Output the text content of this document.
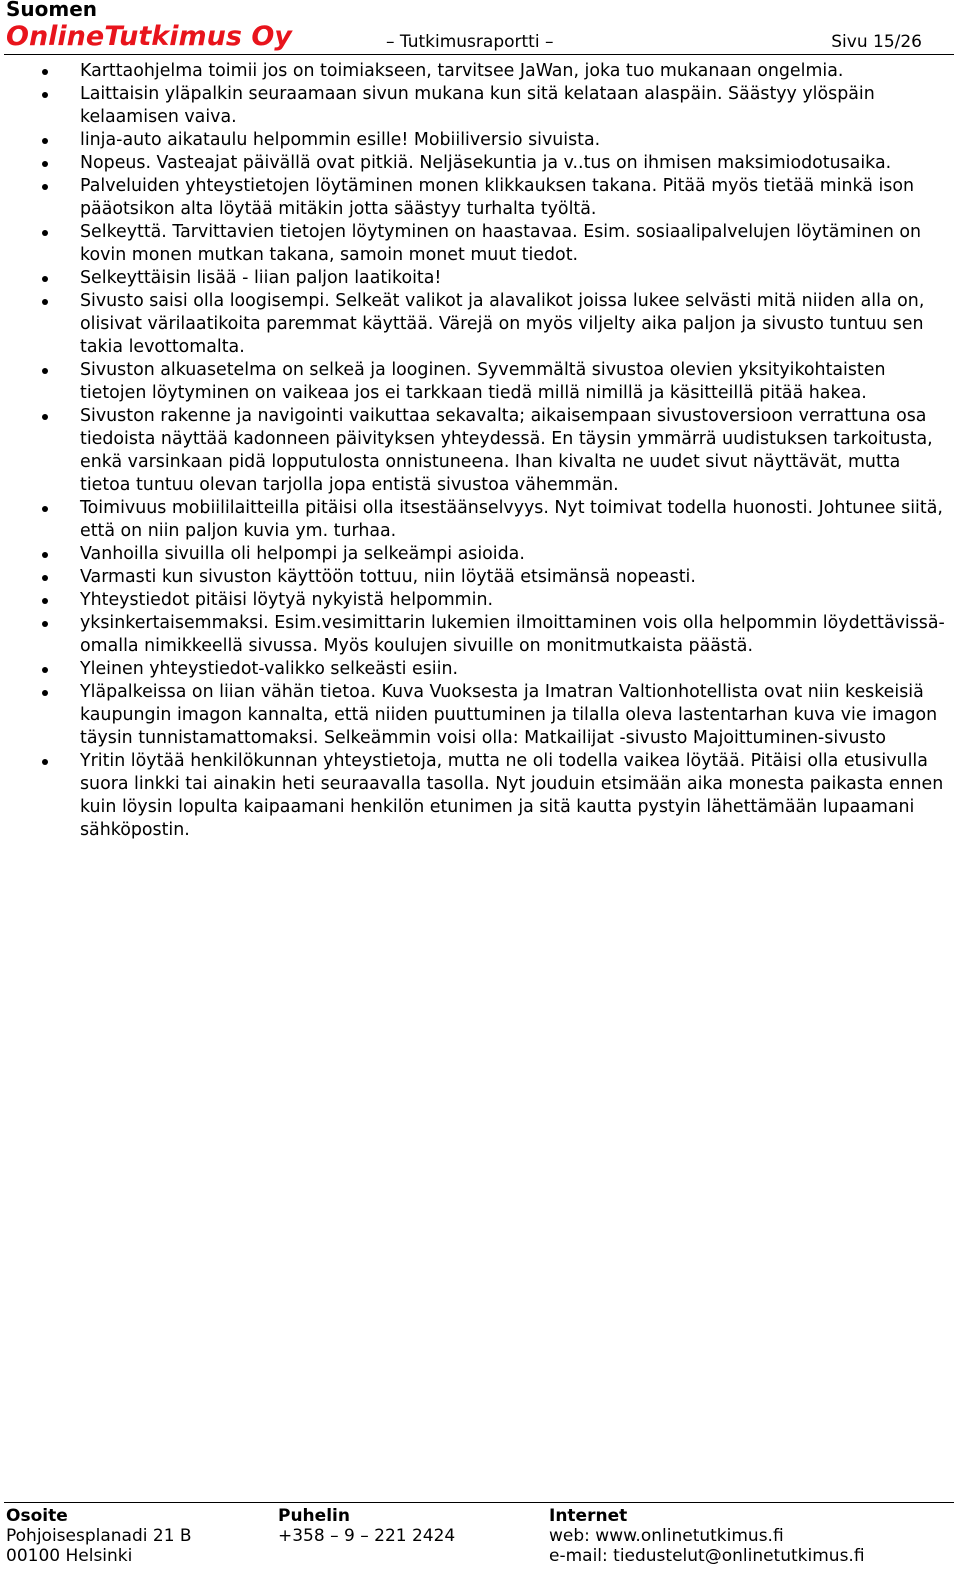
Suomen
OnlineTutkimus Oy	– Tutkimusraportti –	Sivu 15/26
Karttaohjelma toimii jos on toimiakseen, tarvitsee JaWan, joka tuo mukanaan ongelmia.
Laittaisin yläpalkin seuraamaan sivun mukana kun sitä kelataan alaspäin. Säästyy ylöspäin kelaamisen vaiva.
linja-auto aikataulu helpommin esille! Mobiiliversio sivuista.
Nopeus. Vasteajat päivällä ovat pitkiä. Neljäsekuntia ja v..tus on ihmisen maksimiodotusaika.
Palveluiden yhteystietojen löytäminen monen klikkauksen takana. Pitää myös tietää minkä ison pääotsikon alta löytää mitäkin jotta säästyy turhalta työltä.
Selkeyttä. Tarvittavien tietojen löytyminen on haastavaa. Esim. sosiaalipalvelujen löytäminen on kovin monen mutkan takana, samoin monet muut tiedot.
Selkeyttäisin lisää - liian paljon laatikoita!
Sivusto saisi olla loogisempi. Selkeät valikot ja alavalikot joissa lukee selvästi mitä niiden alla on, olisivat värilaatikoita paremmat käyttää. Värejä on myös viljelty aika paljon ja sivusto tuntuu sen takia levottomalta.
Sivuston alkuasetelma on selkeä ja looginen. Syvemmältä sivustoa olevien yksityikohtaisten tietojen löytyminen on vaikeaa jos ei tarkkaan tiedä millä nimillä ja käsitteillä pitää hakea.
Sivuston rakenne ja navigointi vaikuttaa sekavalta; aikaisempaan sivustoversioon verrattuna osa tiedoista näyttää kadonneen päivityksen yhteydessä. En täysin ymmärrä uudistuksen tarkoitusta, enkä varsinkaan pidä lopputulosta onnistuneena. Ihan kivalta ne uudet sivut näyttävät, mutta tietoa tuntuu olevan tarjolla jopa entistä sivustoa vähemmän.
Toimivuus mobiililaitteilla pitäisi olla itsestäänselvyys. Nyt toimivat todella huonosti. Johtunee siitä, että on niin paljon kuvia ym. turhaa.
Vanhoilla sivuilla oli helpompi ja selkeämpi asioida.
Varmasti kun sivuston käyttöön tottuu, niin löytää etsimänsä nopeasti.
Yhteystiedot pitäisi löytyä nykyistä helpommin.
yksinkertaisemmaksi. Esim.vesimittarin lukemien ilmoittaminen vois olla helpommin löydettävissä-omalla nimikkeellä sivussa. Myös koulujen sivuille on monitmutkaista päästä.
Yleinen yhteystiedot-valikko selkeästi esiin.
Yläpalkeissa on liian vähän tietoa. Kuva Vuoksesta ja Imatran Valtionhotellista ovat niin keskeisiä kaupungin imagon kannalta, että niiden puuttuminen ja tilalla oleva lastentarhan kuva vie imagon täysin tunnistamattomaksi. Selkeämmin voisi olla: Matkailijat -sivusto Majoittuminen-sivusto
Yritin löytää henkilökunnan yhteystietoja, mutta ne oli todella vaikea löytää. Pitäisi olla etusivulla suora linkki tai ainakin heti seuraavalla tasolla. Nyt jouduin etsimään aika monesta paikasta ennen kuin löysin lopulta kaipaamani henkilön etunimen ja sitä kautta pystyin lähettämään lupaamani sähköpostin.
Osoite
Pohjoisesplanadi 21 B
00100 Helsinki
Puhelin
+358 – 9 – 221 2424
Internet
web: www.onlinetutkimus.fi
e-mail: tiedustelut@onlinetutkimus.fi
